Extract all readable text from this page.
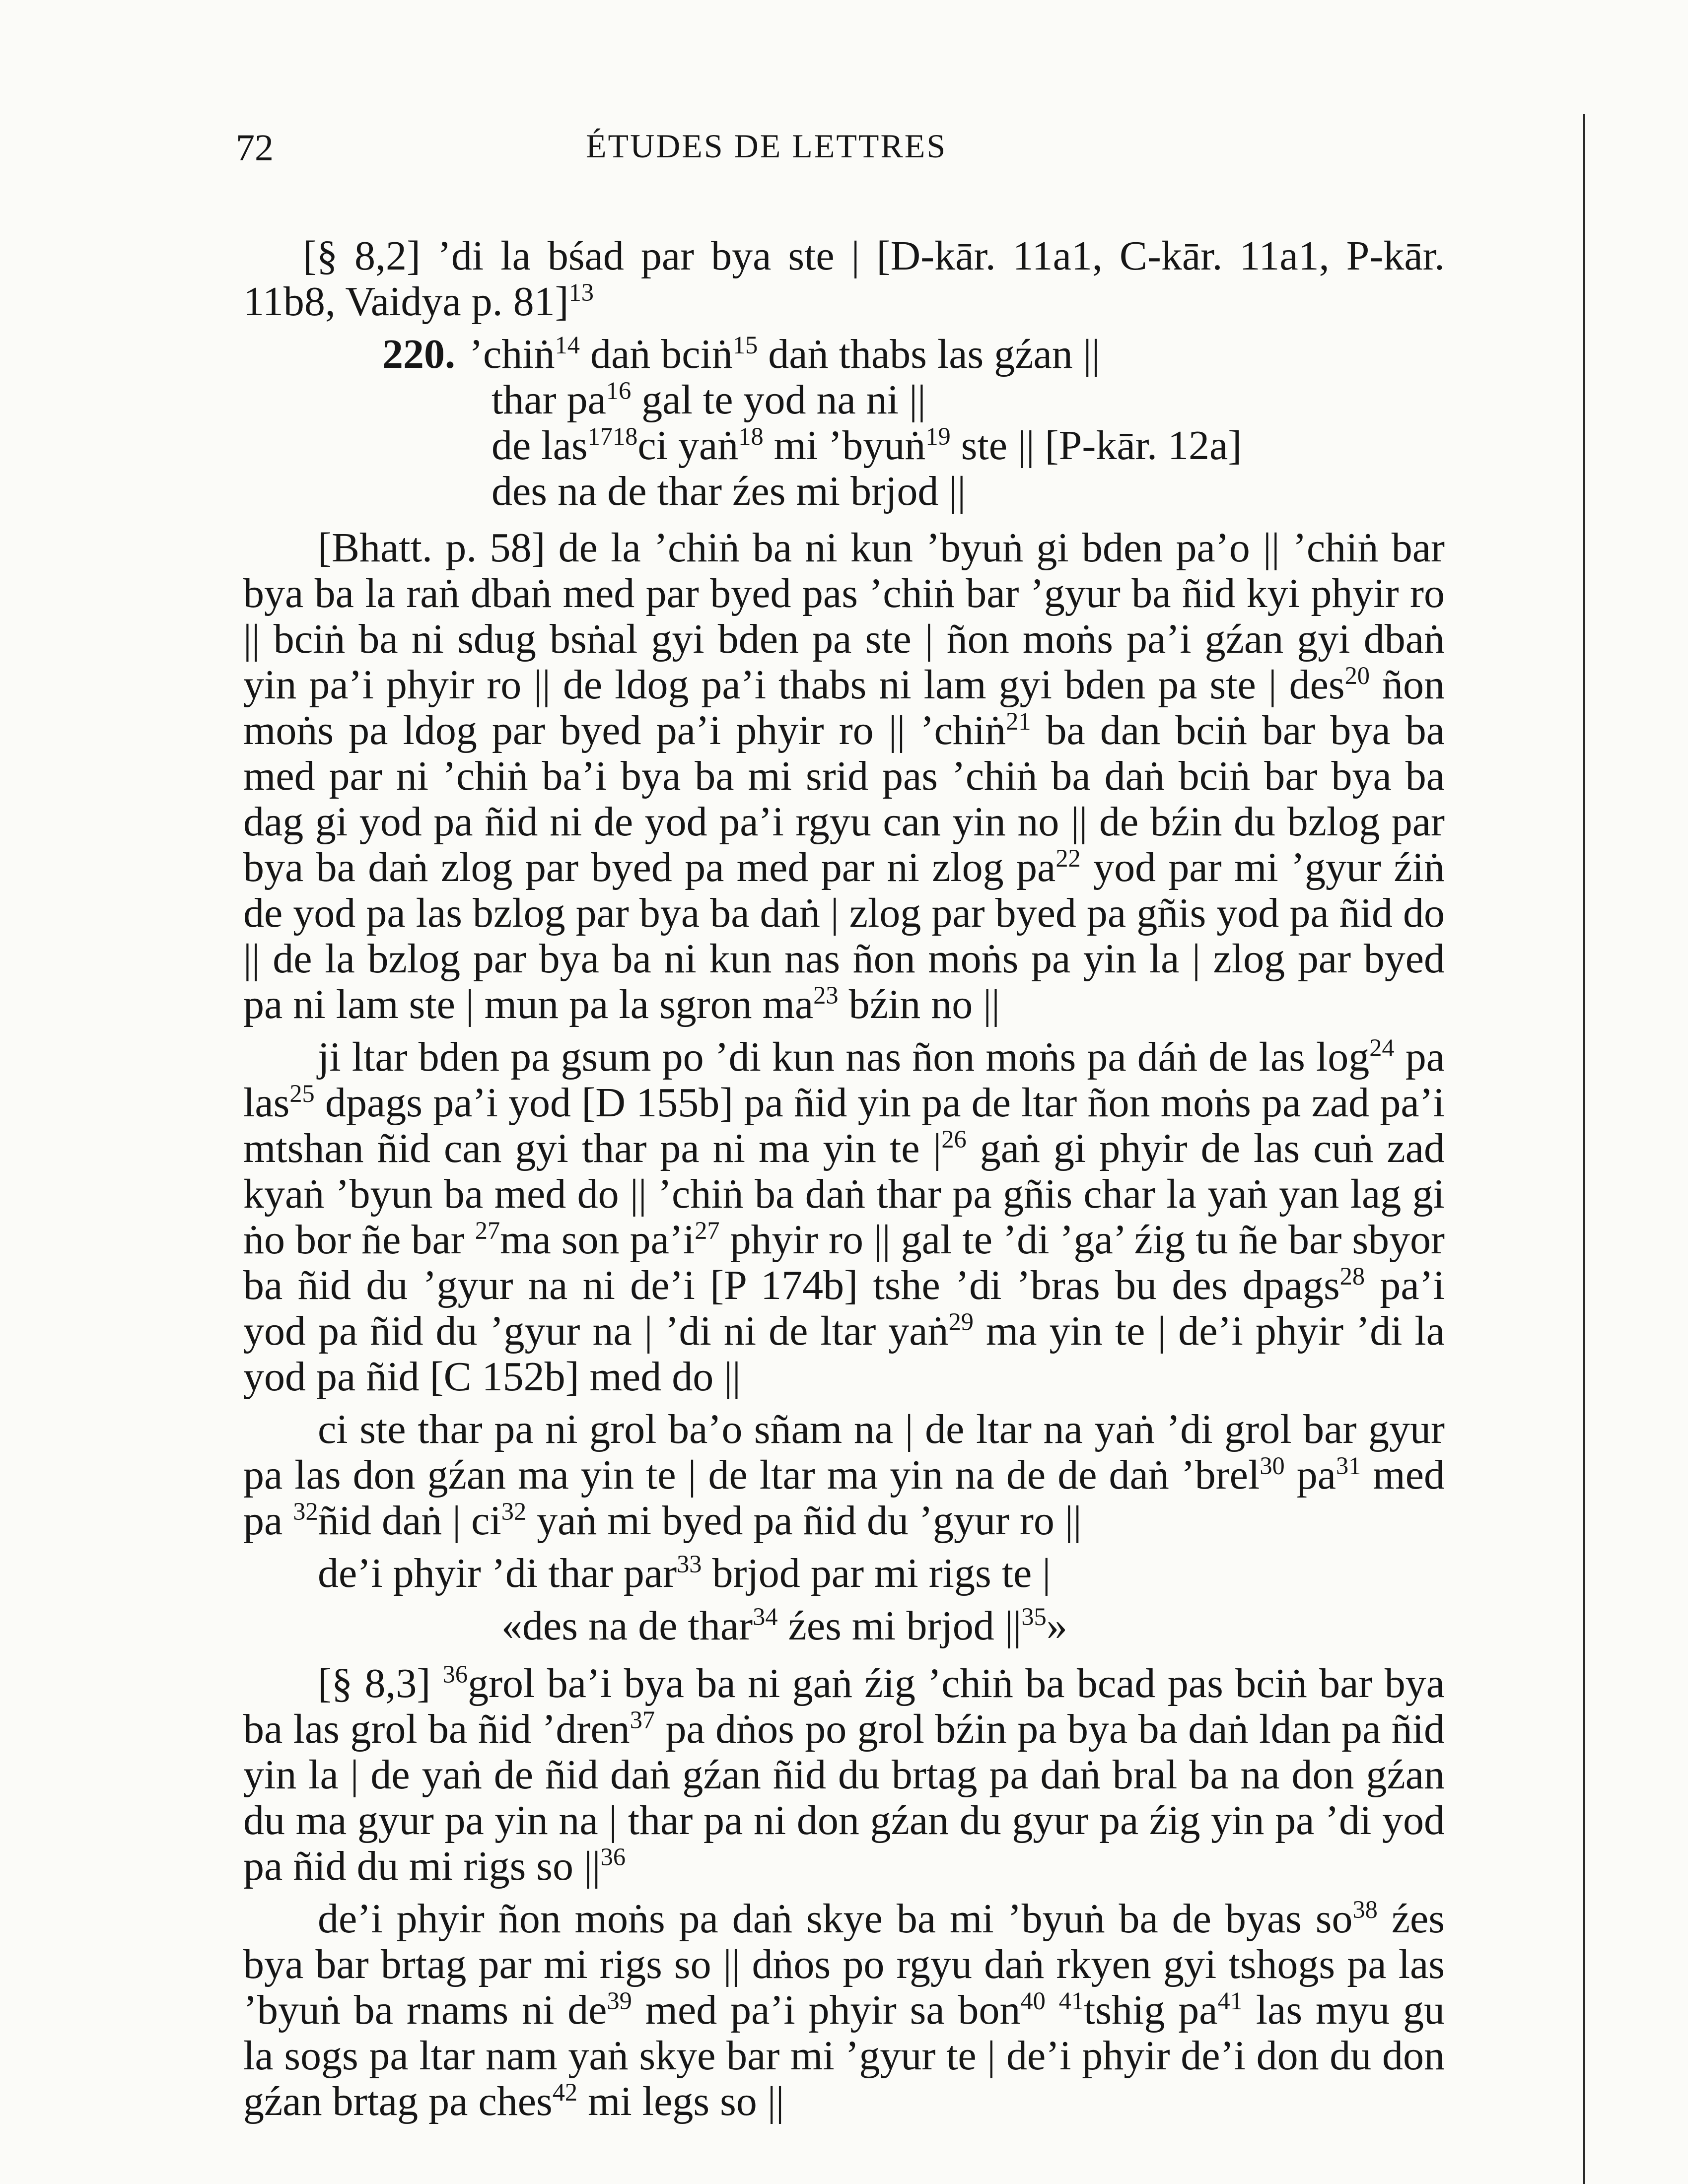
72	ÉTUDES DE LETTRES

[§ 8,2] ’di la bśad par bya ste | [D-kār. 11a1, C-kār. 11a1, P-kār. 11b8, Vaidya p. 81]$^{13}$

220. ’chiṅ$^{14}$ daṅ bciṅ$^{15}$ daṅ thabs las gźan ||
thar $pa^{16}$ gal te yod na ni ||
de las$^{1718}$ci yaṅ$^{18}$ mi ’byuṅ$^{19}$ ste || [P-kār. 12a]
des na de thar źes mi brjod ||

[Bhatt. p. 58] de la ’chiṅ ba ni kun ’byuṅ gi bden pa’o || ’chiṅ bar bya ba la raṅ dbaṅ med par byed pas ’chiṅ bar ’gyur ba ñid kyi phyir ro || bciṅ ba ni sdug bsṅal gyi bden pa ste | ñon moṅs pa’i gźan gyi dbaṅ yin pa’i phyir ro || de ldog pa’i thabs ni lam gyi bden pa ste | des$^{20}$ ñon moṅs pa ldog par byed pa’i phyir ro || ’chiṅ$^{21}$ ba dan bciṅ bar bya ba med par ni ’chiṅ ba’i bya ba mi srid pas ’chiṅ ba daṅ bciṅ bar bya ba dag gi yod pa ñid ni de yod pa’i rgyu can yin no || de bźin du bzlog par bya ba daṅ zlog par byed pa med par ni zlog $pa^{22}$ yod par mi ’gyur źiṅ de yod pa las bzlog par bya ba daṅ | zlog par byed pa gñis yod pa ñid do || de la bzlog par bya ba ni kun nas ñon moṅs pa yin la | zlog par byed pa ni lam ste | mun pa la sgron $ma^{23}$ bźin no ||

ji ltar bden pa gsum po ’di kun nas ñon moṅs pa dáṅ de las $\log^{24}$ pa las$^{25}$ dpags pa’i yod [D 155b] pa ñid yin pa de ltar ñon moṅs pa zad pa’i mtshan ñid can gyi thar pa ni ma yin te $|^{26}$ gaṅ gi phyir de las cuṅ zad kyaṅ ’byun ba med do || ’chiṅ ba daṅ thar pa gñis char la yaṅ yan lag gi ṅo bor ñe bar $^{27}$ma son $pa’i^{27}$ phyir ro || gal te ’di ’ga’ źig tu ñe bar sbyor ba ñid du ’gyur na ni de’i [P 174b] tshe ’di ’bras bu des dpags$^{28}$ pa’i yod pa ñid du ’gyur na | ’di ni de ltar yaṅ$^{29}$ ma yin te | de’i phyir ’di la yod pa ñid [C 152b] med do ||

ci ste thar pa ni grol ba’o sñam na | de ltar na yaṅ ’di grol bar gyur pa las don gźan ma yin te | de ltar ma yin na de de daṅ ’brel$^{30}$ $pa^{31}$ med pa $^{32}$ñid daṅ | $ci^{32}$ yaṅ mi byed pa ñid du ’gyur ro ||

de’i phyir ’di thar par$^{33}$ brjod par mi rigs te |

«des na de thar$^{34}$ źes mi brjod $||^{35}$»

[§ 8,3] $^{36}$grol ba’i bya ba ni gaṅ źig ’chiṅ ba bcad pas bciṅ bar bya ba las grol ba ñid ’dren$^{37}$ pa dṅos po grol bźin pa bya ba daṅ ldan pa ñid yin la | de yaṅ de ñid daṅ gźan ñid du brtag pa daṅ bral ba na don gźan du ma gyur pa yin na | thar pa ni don gźan du gyur pa źig yin pa ’di yod pa ñid du mi rigs so $||^{36}$

de’i phyir ñon moṅs pa daṅ skye ba mi ’byuṅ ba de byas $so^{38}$ źes bya bar brtag par mi rigs so || dṅos po rgyu daṅ rkyen gyi tshogs pa las ’byuṅ ba rnams ni $de^{39}$ med pa’i phyir sa bon$^{40}$ $^{41}$tshig $pa^{41}$ las myu gu la sogs pa ltar nam yaṅ skye bar mi ’gyur te | de’i phyir de’i don du don gźan brtag pa ches$^{42}$ mi legs so ||
